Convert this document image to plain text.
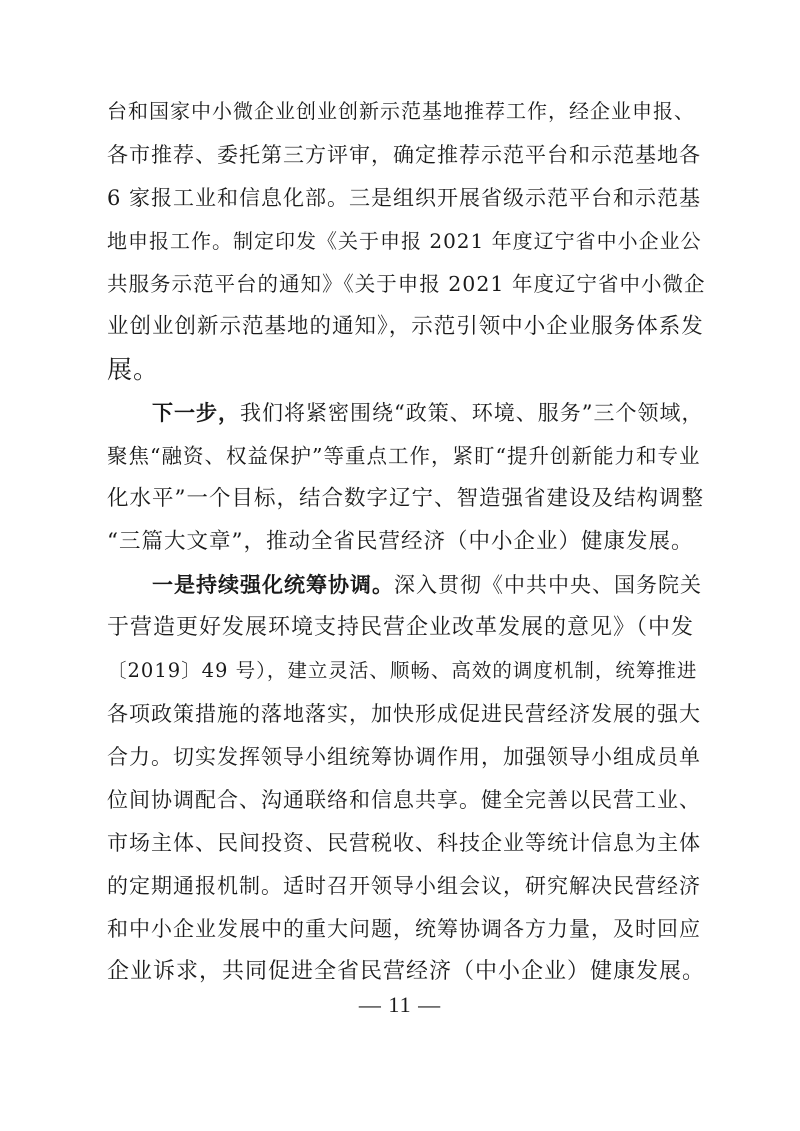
台和国家中小微企业创业创新示范基地推荐工作，经企业申报、
各市推荐、委托第三方评审，确定推荐示范平台和示范基地各
6 家报工业和信息化部。三是组织开展省级示范平台和示范基
地申报工作。制定印发《关于申报 2021 年度辽宁省中小企业公
共服务示范平台的通知》《关于申报 2021 年度辽宁省中小微企
业创业创新示范基地的通知》，示范引领中小企业服务体系发
展。
下一步，我们将紧密围绕“政策、环境、服务”三个领域，
聚焦“融资、权益保护”等重点工作，紧盯“提升创新能力和专业
化水平”一个目标，结合数字辽宁、智造强省建设及结构调整
“三篇大文章”，推动全省民营经济（中小企业）健康发展。
一是持续强化统筹协调。深入贯彻《中共中央、国务院关
于营造更好发展环境支持民营企业改革发展的意见》（中发
〔2019〕49 号），建立灵活、顺畅、高效的调度机制，统筹推进
各项政策措施的落地落实，加快形成促进民营经济发展的强大
合力。切实发挥领导小组统筹协调作用，加强领导小组成员单
位间协调配合、沟通联络和信息共享。健全完善以民营工业、
市场主体、民间投资、民营税收、科技企业等统计信息为主体
的定期通报机制。适时召开领导小组会议，研究解决民营经济
和中小企业发展中的重大问题，统筹协调各方力量，及时回应
企业诉求，共同促进全省民营经济（中小企业）健康发展。
— 11 —
